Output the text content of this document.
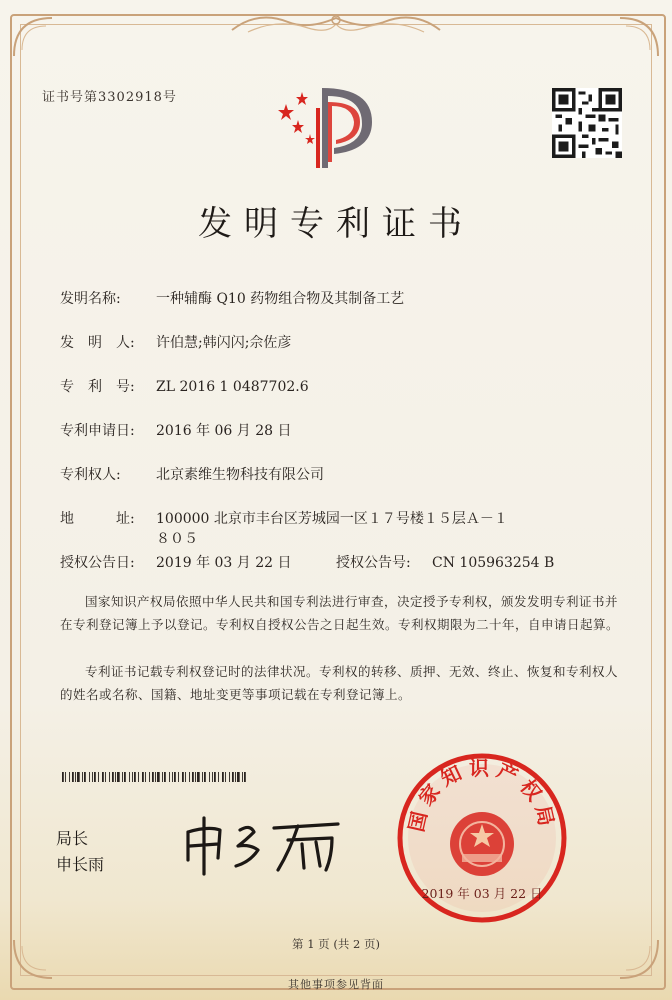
证书号第3302918号
发明专利证书
发明名称:	一种辅酶 Q10 药物组合物及其制备工艺
发　明　人: 许伯慧;韩闪闪;佘佐彦
专　利　号: ZL 2016 1 0487702.6
专利申请日: 2016 年 06 月 28 日
专利权人:	北京素维生物科技有限公司
地　　　址: 100000 北京市丰台区芳城园一区１７号楼１５层Ａ－１
８０５
授权公告日: 2019 年 03 月 22 日	授权公告号: CN 105963254 B
国家知识产权局依照中华人民共和国专利法进行审查，决定授予专利权，颁发发明专利证书并在专利登记簿上予以登记。专利权自授权公告之日起生效。专利权期限为二十年，自申请日起算。
专利证书记载专利权登记时的法律状况。专利权的转移、质押、无效、终止、恢复和专利权人的姓名或名称、国籍、地址变更等事项记载在专利登记簿上。
局长
申长雨
国家知识产权局
2019 年 03 月 22 日
第 1 页 (共 2 页)
其他事项参见背面
